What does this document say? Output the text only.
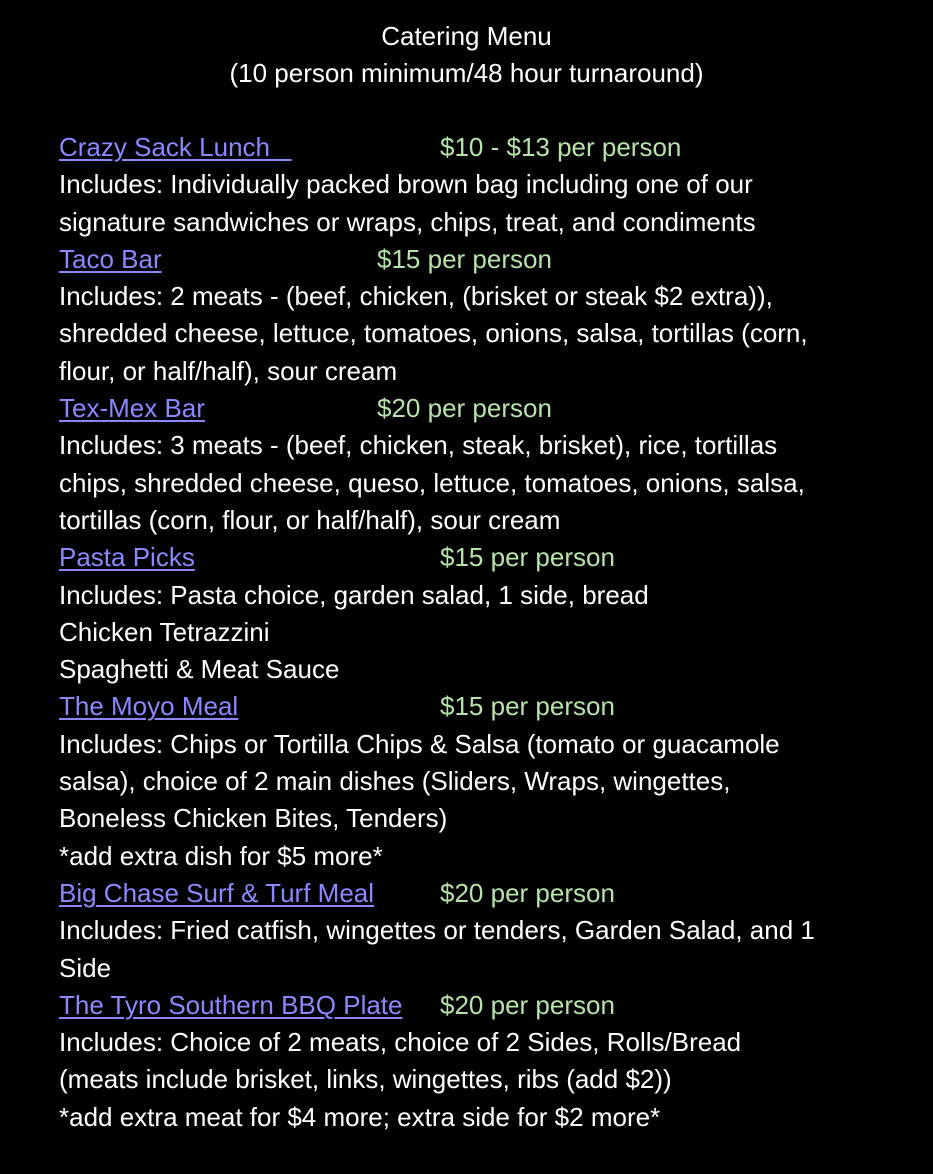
Catering Menu
(10 person minimum/48 hour turnaround)
Crazy Sack Lunch	$10 - $13 per person
Includes: Individually packed brown bag including one of our
signature sandwiches or wraps, chips, treat, and condiments
Taco Bar	$15 per person
Includes: 2 meats - (beef, chicken, (brisket or steak $2 extra)),
shredded cheese, lettuce, tomatoes, onions, salsa, tortillas (corn,
flour, or half/half), sour cream
Tex-Mex Bar	$20 per person
Includes: 3 meats - (beef, chicken, steak, brisket), rice, tortillas
chips, shredded cheese, queso, lettuce, tomatoes, onions, salsa,
tortillas (corn, flour, or half/half), sour cream
Pasta Picks	$15 per person
Includes: Pasta choice, garden salad, 1 side, bread
Chicken Tetrazzini
Spaghetti & Meat Sauce
The Moyo Meal	$15 per person
Includes: Chips or Tortilla Chips & Salsa (tomato or guacamole
salsa), choice of 2 main dishes (Sliders, Wraps, wingettes,
Boneless Chicken Bites, Tenders)
*add extra dish for $5 more*
Big Chase Surf & Turf Meal	$20 per person
Includes: Fried catfish, wingettes or tenders, Garden Salad, and 1
Side
The Tyro Southern BBQ Plate $20 per person
Includes: Choice of 2 meats, choice of 2 Sides, Rolls/Bread
(meats include brisket, links, wingettes, ribs (add $2))
*add extra meat for $4 more; extra side for $2 more*
